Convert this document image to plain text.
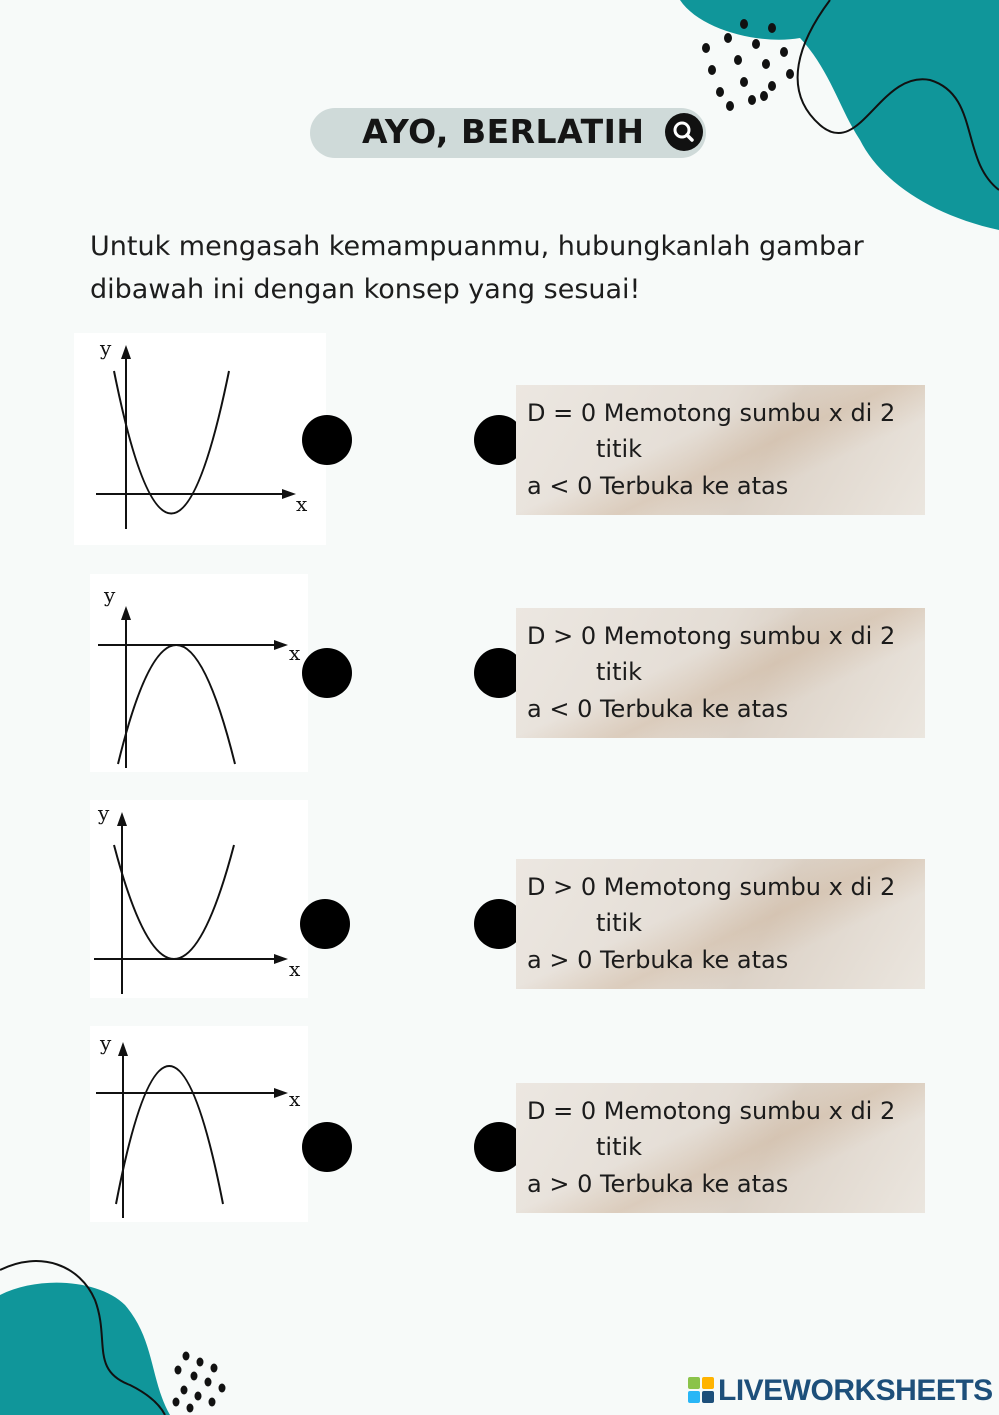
AYO, BERLATIH
Untuk mengasah kemampuanmu, hubungkanlah gambar
dibawah ini dengan konsep yang sesuai!
y
x
y
x
y
x
y
x
D = 0 Memotong sumbu x di 2
titik
a < 0 Terbuka ke atas
D > 0 Memotong sumbu x di 2
titik
a < 0 Terbuka ke atas
D > 0 Memotong sumbu x di 2
titik
a > 0 Terbuka ke atas
D = 0 Memotong sumbu x di 2
titik
a > 0 Terbuka ke atas
LIVEWORKSHEETS
